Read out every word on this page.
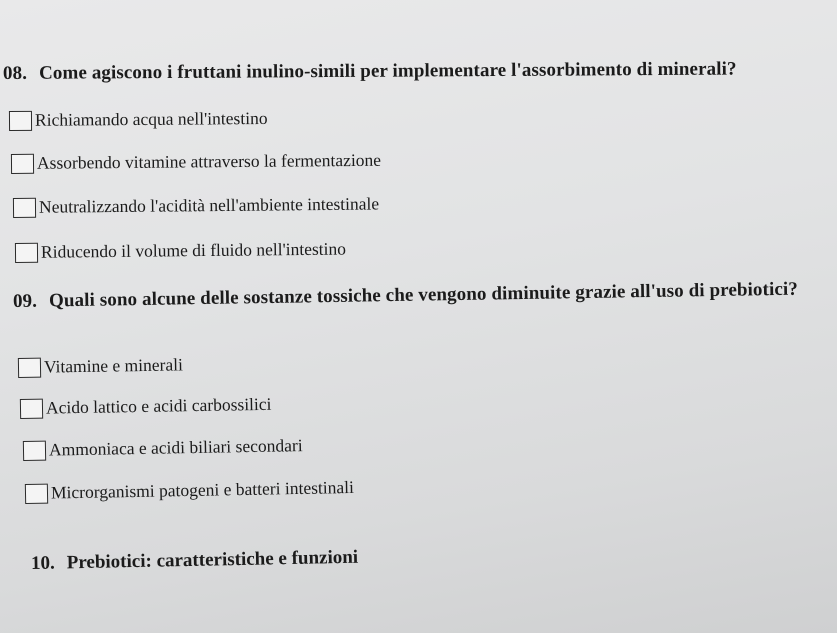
08. Come agiscono i fruttani inulino-simili per implementare l'assorbimento di minerali?
Richiamando acqua nell'intestino
Assorbendo vitamine attraverso la fermentazione
Neutralizzando l'acidità nell'ambiente intestinale
Riducendo il volume di fluido nell'intestino
09. Quali sono alcune delle sostanze tossiche che vengono diminuite grazie all'uso di prebiotici?
Vitamine e minerali
Acido lattico e acidi carbossilici
Ammoniaca e acidi biliari secondari
Microrganismi patogeni e batteri intestinali
10. Prebiotici: caratteristiche e funzioni
